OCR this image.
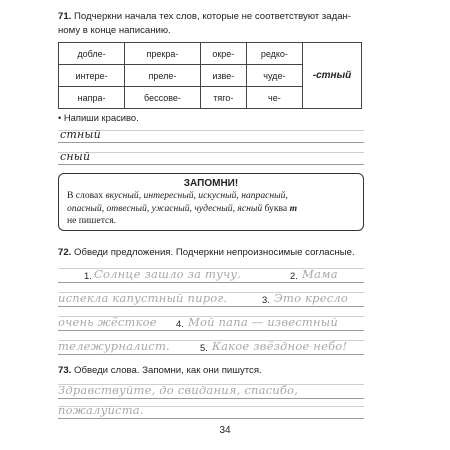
71. Подчеркни начала тех слов, которые не соответствуют задан-
ному в конце написанию.
добле-	прекра-	окре-	редко-	-стный
интере-	преле-	изве-	чуде-	
напра-	бессове-	тяго-	че-	
• Напиши красиво.
стный
сный
ЗАПОМНИ!
В словах вкусный, интересный, искусный, напрасный,
опасный, отвесный, ужасный, чудесный, ясный буква т
не пишется.
72. Обведи предложения. Подчеркни непроизносимые согласные.
1. Солнце зашло за тучу.	2. Мама
испекла капустный пирог.	3. Это кресло
очень жёсткое 4. Мой папа — известный
тележурналист.	5. Какое звёздное небо!
73. Обведи слова. Запомни, как они пишутся.
Здравствуйте, до свидания, спасибо,
пожалуйста.
34
